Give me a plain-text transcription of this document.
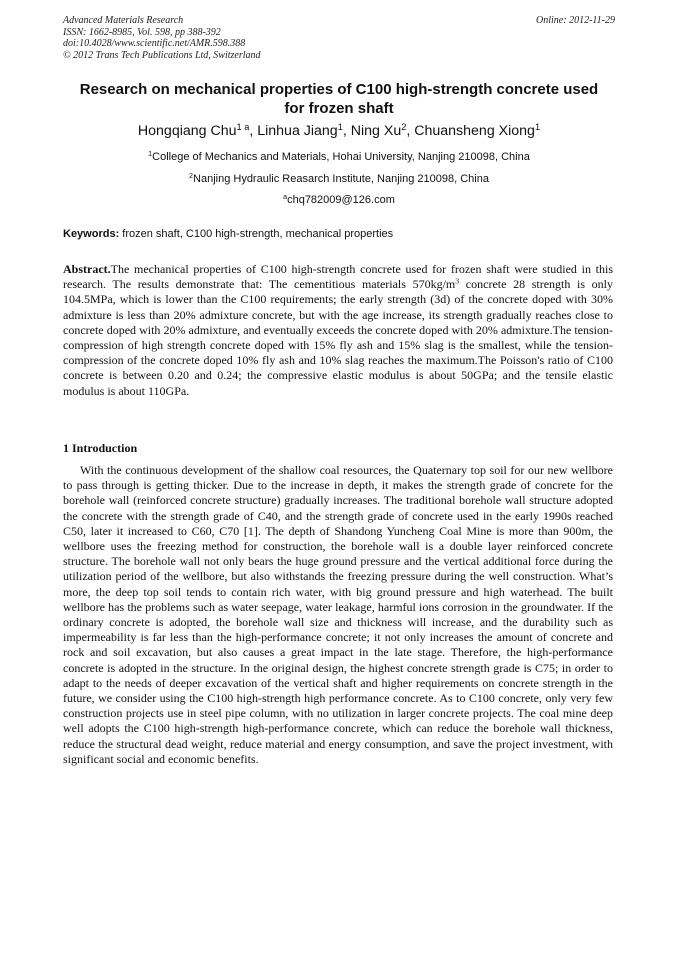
Advanced Materials Research
ISSN: 1662-8985, Vol. 598, pp 388-392
doi:10.4028/www.scientific.net/AMR.598.388
© 2012 Trans Tech Publications Ltd, Switzerland
Online: 2012-11-29
Research on mechanical properties of C100 high-strength concrete used
for frozen shaft
Hongqiang Chu$^{1 a}$, Linhua Jiang$^1$, Ning Xu$^2$, Chuansheng Xiong$^1$
$^1$College of Mechanics and Materials, Hohai University, Nanjing 210098, China
$^2$Nanjing Hydraulic Reasarch Institute, Nanjing 210098, China
$^a$chq782009@126.com
Keywords: frozen shaft, C100 high-strength, mechanical properties
Abstract.The mechanical properties of C100 high-strength concrete used for frozen shaft were studied in this research. The results demonstrate that: The cementitious materials $570kg/m^3$ concrete 28 strength is only 104.5MPa, which is lower than the C100 requirements; the early strength (3d) of the concrete doped with 30% admixture is less than 20% admixture concrete, but with the age increase, its strength gradually reaches close to concrete doped with 20% admixture, and eventually exceeds the concrete doped with 20% admixture.The tension-compression of high strength concrete doped with 15% fly ash and 15% slag is the smallest, while the tension-compression of the concrete doped 10% fly ash and 10% slag reaches the maximum.The Poisson's ratio of C100 concrete is between 0.20 and 0.24; the compressive elastic modulus is about 50GPa; and the tensile elastic modulus is about 110GPa.
1 Introduction
With the continuous development of the shallow coal resources, the Quaternary top soil for our new wellbore to pass through is getting thicker. Due to the increase in depth, it makes the strength grade of concrete for the borehole wall (reinforced concrete structure) gradually increases. The traditional borehole wall structure adopted the concrete with the strength grade of C40, and the strength grade of concrete used in the early 1990s reached C50, later it increased to C60, C70 [1]. The depth of Shandong Yuncheng Coal Mine is more than 900m, the wellbore uses the freezing method for construction, the borehole wall is a double layer reinforced concrete structure. The borehole wall not only bears the huge ground pressure and the vertical additional force during the utilization period of the wellbore, but also withstands the freezing pressure during the well construction. What’s more, the deep top soil tends to contain rich water, with big ground pressure and high waterhead. The built wellbore has the problems such as water seepage, water leakage, harmful ions corrosion in the groundwater. If the ordinary concrete is adopted, the borehole wall size and thickness will increase, and the durability such as impermeability is far less than the high-performance concrete; it not only increases the amount of concrete and rock and soil excavation, but also causes a great impact in the late stage. Therefore, the high-performance concrete is adopted in the structure. In the original design, the highest concrete strength grade is C75; in order to adapt to the needs of deeper excavation of the vertical shaft and higher requirements on concrete strength in the future, we consider using the C100 high-strength high performance concrete. As to C100 concrete, only very few construction projects use in steel pipe column, with no utilization in larger concrete projects. The coal mine deep well adopts the C100 high-strength high-performance concrete, which can reduce the borehole wall thickness, reduce the structural dead weight, reduce material and energy consumption, and save the project investment, with significant social and economic benefits.
